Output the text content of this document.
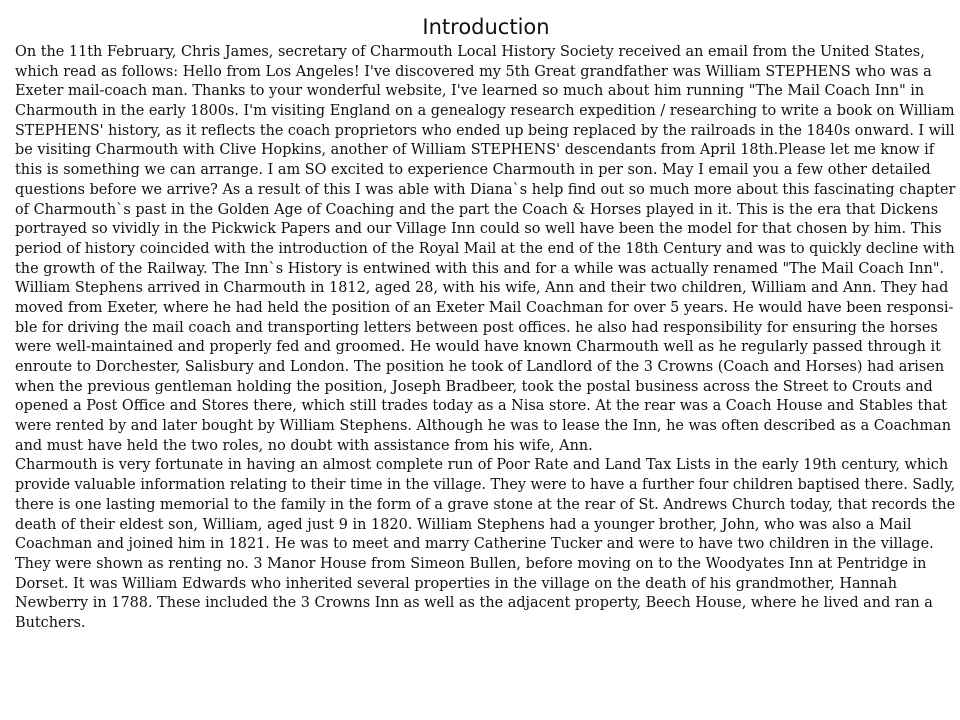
Introduction
On the 11th February, Chris James, secretary of Charmouth Local History Society received an email from the United States,
which read as follows: Hello from Los Angeles! I've discovered my 5th Great grandfather was William STEPHENS who was a
Exeter mail-coach man. Thanks to your wonderful website, I've learned so much about him running "The Mail Coach Inn" in
Charmouth in the early 1800s. I'm visiting England on a genealogy research expedition / researching to write a book on William
STEPHENS' history, as it reflects the coach proprietors who ended up being replaced by the railroads in the 1840s onward. I will
be visiting Charmouth with Clive Hopkins, another of William STEPHENS' descendants from April 18th.Please let me know if
this is something we can arrange. I am SO excited to experience Charmouth in per son. May I email you a few other detailed
questions before we arrive? As a result of this I was able with Diana`s help find out so much more about this fascinating chapter
of Charmouth`s past in the Golden Age of Coaching and the part the Coach & Horses played in it. This is the era that Dickens
portrayed so vividly in the Pickwick Papers and our Village Inn could so well have been the model for that chosen by him. This
period of history coincided with the introduction of the Royal Mail at the end of the 18th Century and was to quickly decline with
the growth of the Railway. The Inn`s History is entwined with this and for a while was actually renamed "The Mail Coach Inn".
William Stephens arrived in Charmouth in 1812, aged 28, with his wife, Ann and their two children, William and Ann. They had
moved from Exeter, where he had held the position of an Exeter Mail Coachman for over 5 years. He would have been responsi-
ble for driving the mail coach and transporting letters between post offices. he also had responsibility for ensuring the horses
were well-maintained and properly fed and groomed. He would have known Charmouth well as he regularly passed through it
enroute to Dorchester, Salisbury and London. The position he took of Landlord of the 3 Crowns (Coach and Horses) had arisen
when the previous gentleman holding the position, Joseph Bradbeer, took the postal business across the Street to Crouts and
opened a Post Office and Stores there, which still trades today as a Nisa store. At the rear was a Coach House and Stables that
were rented by and later bought by William Stephens. Although he was to lease the Inn, he was often described as a Coachman
and must have held the two roles, no doubt with assistance from his wife, Ann.
Charmouth is very fortunate in having an almost complete run of Poor Rate and Land Tax Lists in the early 19th century, which
provide valuable information relating to their time in the village. They were to have a further four children baptised there. Sadly,
there is one lasting memorial to the family in the form of a grave stone at the rear of St. Andrews Church today, that records the
death of their eldest son, William, aged just 9 in 1820. William Stephens had a younger brother, John, who was also a Mail
Coachman and joined him in 1821. He was to meet and marry Catherine Tucker and were to have two children in the village.
They were shown as renting no. 3 Manor House from Simeon Bullen, before moving on to the Woodyates Inn at Pentridge in
Dorset. It was William Edwards who inherited several properties in the village on the death of his grandmother, Hannah
Newberry in 1788. These included the 3 Crowns Inn as well as the adjacent property, Beech House, where he lived and ran a
Butchers.
